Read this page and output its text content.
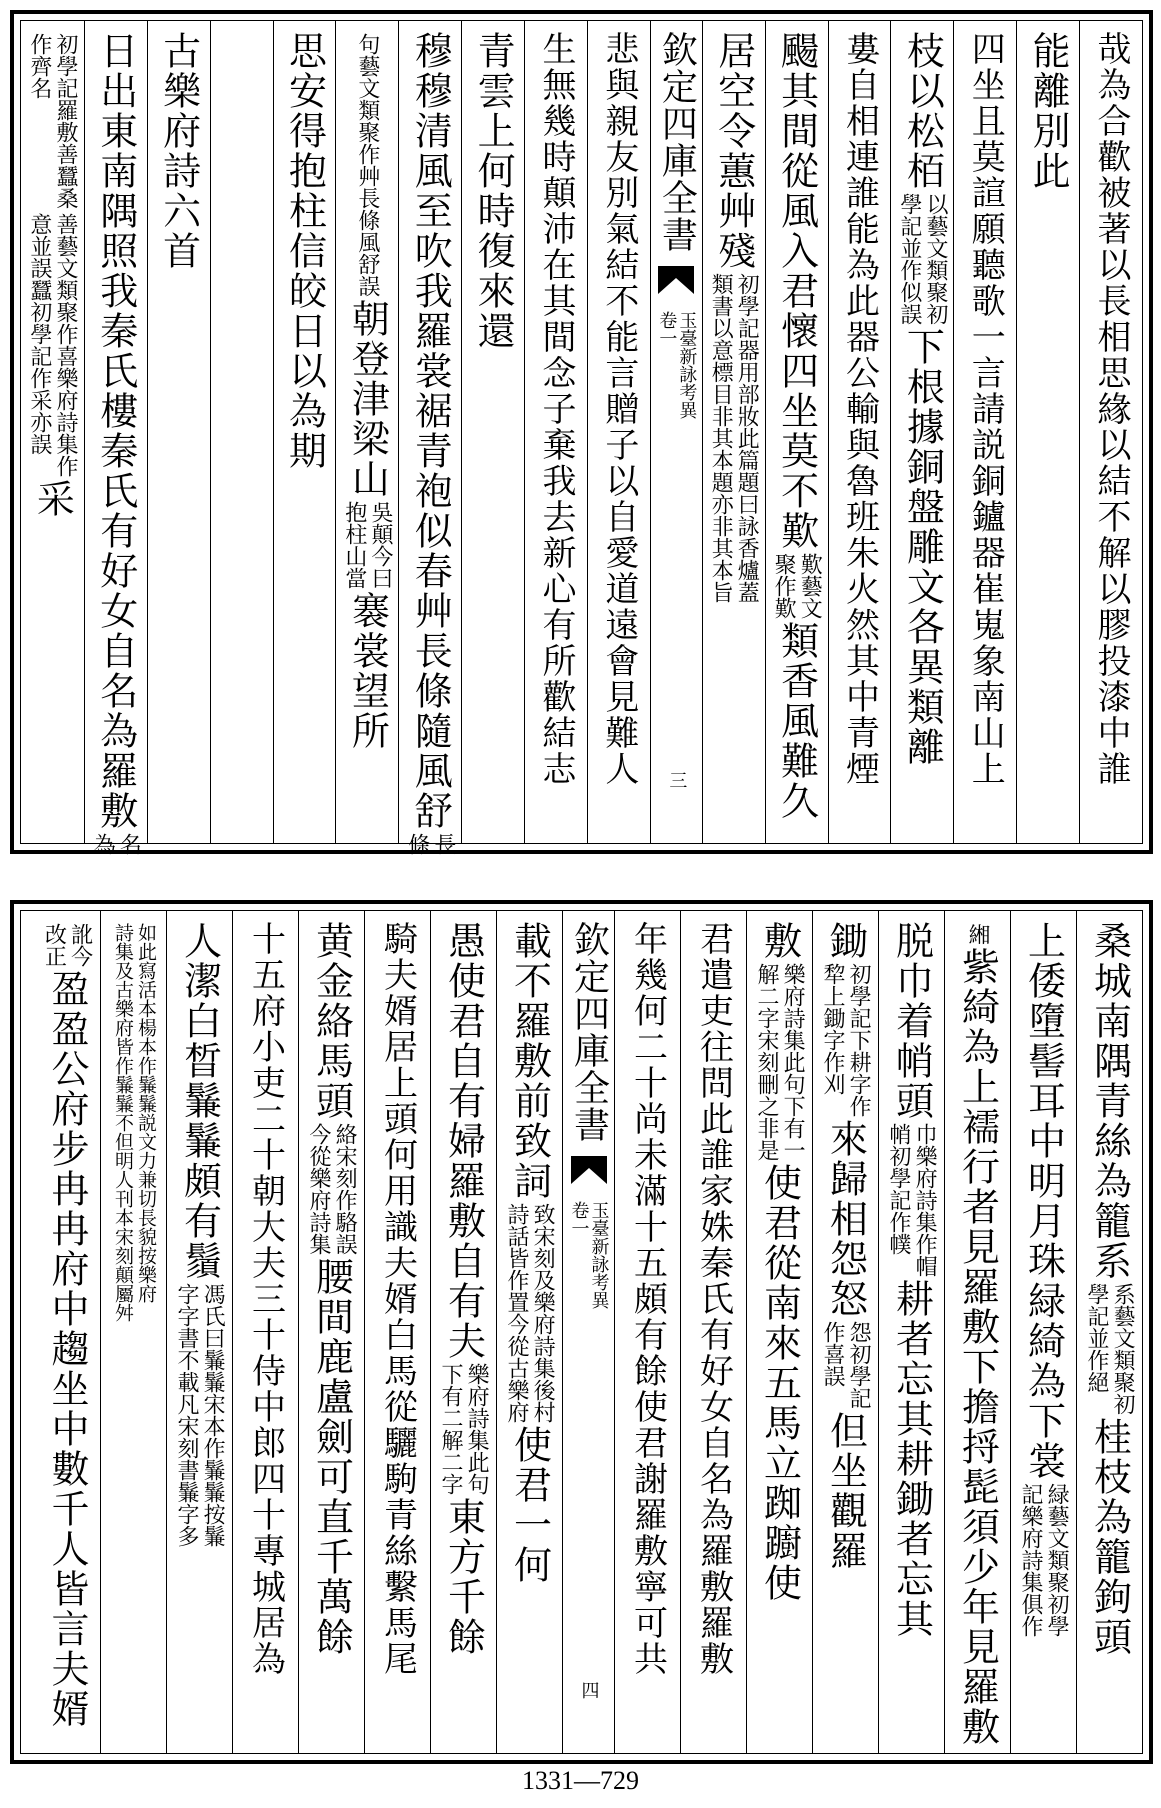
哉為合歡被著以長相思緣以結不解以膠投漆中誰
能離別此
四坐且莫諠願聽歌一言請説銅鑪器崔嵬象南山上
枝以松栢
以藝文類聚初
學記並作似誤
下根據銅盤雕文各異類離
婁自相連誰能為此器公輸與魯班朱火然其中青煙
颺其間從風入君懷四坐莫不歎
歎藝文
聚作歎
類香風難久
居空令蕙艸殘
初學記器用部妝此篇題曰詠香爐蓋
類書以意標目非其本題亦非其本旨
欽定四庫全書
卷一 玉臺新詠考異
三
悲與親友別氣結不能言贈子以自愛道遠會見難人
生無幾時顛沛在其間念子棄我去新心有所歡結志
青雲上何時復來還
穆穆清風至吹我羅裳裾青袍似春艸長條隨風舒
長
條
句藝文類聚作艸長條風舒誤
朝登津梁山
吳顛今曰
抱柱山當
褰裳望所
思安得抱柱信皎日以為期
古樂府詩六首
日出東南隅照我秦氏樓秦氏有好女自名為羅敷
名
為
初學記羅敷善蠶桑
作齊名
善藝文類聚作喜樂府詩集作
意並誤蠶初學記作采亦誤
采
桑城南隅青絲為籠系
系藝文類聚初
學記並作絕
桂枝為籠鉤頭
上倭墮髻耳中明月珠緑綺為下裳
緑藝文類聚初學
記樂府詩集俱作
緗
紫綺為上襦行者見羅敷下擔捋髭須少年見羅敷
脱巾着帩頭
巾樂府詩集作帽
帩初學記作幞
耕者忘其耕鋤者忘其
鋤
初學記下耕字作
犂上鋤字作刈
來歸相怨怒
怨初學記
作喜誤
但坐觀羅
敷
樂府詩集此句下有一
解二字宋刻刪之非是
使君從南來五馬立踟躕使
君遣吏往問此誰家姝秦氏有好女自名為羅敷羅敷
年幾何二十尚未滿十五頗有餘使君謝羅敷寧可共
欽定四庫全書
卷一 玉臺新詠考異
四
載不羅敷前致詞
致宋刻及樂府詩集後村
詩話皆作置今從古樂府
使君一何
愚使君自有婦羅敷自有夫
樂府詩集此句
下有二解二字
東方千餘
騎夫婿居上頭何用識夫婿白馬從驪駒青絲繫馬尾
黄金絡馬頭
絡宋刻作駱誤
今從樂府詩集
腰間鹿盧劍可直千萬餘
十五府小吏二十朝大夫三十侍中郎四十專城居為
人潔白晳鬑鬑頗有鬚
馮氏曰鬑鬑宋本作鬑鬑按鬑
字字書不載凡宋刻書鬑字多
如此寫活本楊本作鬑鬑説文力兼切長貌按樂府
詩集及古樂府皆作鬑鬑不但明人刊本宋刻顛屬舛
訛今
改正
盈盈公府步冉冉府中趨坐中數千人皆言夫婿
1331—729
